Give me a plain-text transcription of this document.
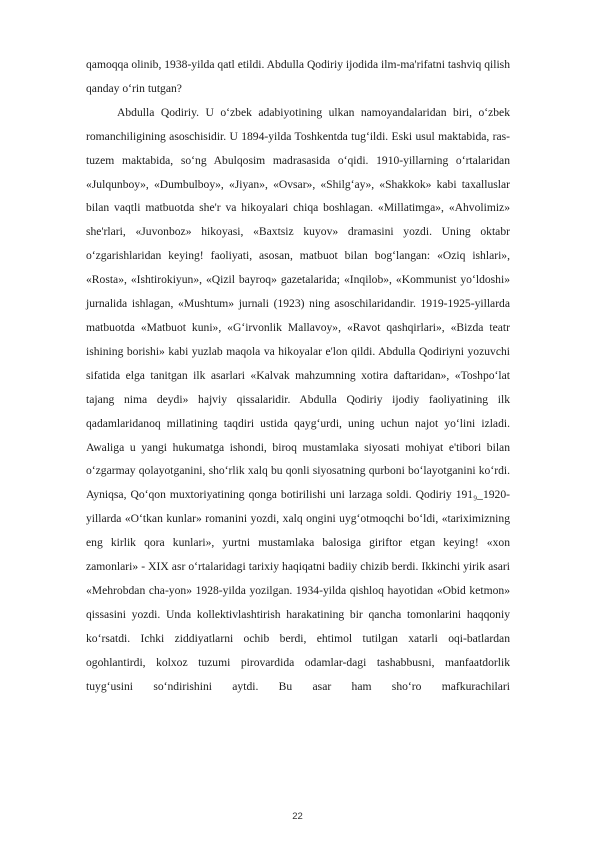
qamoqqa olinib, 1938-yilda qatl etildi. Abdulla Qodiriy ijodida ilm-ma'rifatni tashviq qilish qanday o‘rin tutgan?

Abdulla Qodiriy. U o‘zbek adabiyotining ulkan namoyandalaridan biri, o‘zbek romanchiligining asoschisidir. U 1894-yilda Toshkentda tug‘ildi. Eski usul maktabida, ras-tuzem maktabida, so‘ng Abulqosim madrasasida o‘qidi. 1910-yillarning o‘rtalaridan «Julqunboy», «Dumbulboy», «Jiyan», «Ovsar», «Shilg‘ay», «Shakkok» kabi taxalluslar bilan vaqtli matbuotda she'r va hikoyalari chiqa boshlagan. «Millatimga», «Ahvolimiz» she'rlari, «Juvonboz» hikoyasi, «Baxtsiz kuyov» dramasini yozdi. Uning oktabr o‘zgarishlaridan keying! faoliyati, asosan, matbuot bilan bog‘langan: «Oziq ishlari», «Rosta», «Ishtirokiyun», «Qizil bayroq» gazetalarida; «Inqilob», «Kommunist yo‘ldoshi» jurnalida ishlagan, «Mushtum» jurnali (1923) ning asoschilaridandir. 1919-1925-yillarda matbuotda «Matbuot kuni», «G‘irvonlik Mallavoy», «Ravot qashqirlari», «Bizda teatr ishining borishi» kabi yuzlab maqola va hikoyalar e'lon qildi. Abdulla Qodiriyni yozuvchi sifatida elga tanitgan ilk asarlari «Kalvak mahzumning xotira daftaridan», «Toshpo‘lat tajang nima deydi» hajviy qissalaridir. Abdulla Qodiriy ijodiy faoliyatining ilk qadamlaridanoq millatining taqdiri ustida qayg‘urdi, uning uchun najot yo‘lini izladi. Awaliga u yangi hukumatga ishondi, biroq mustamlaka siyosati mohiyat e'tibori bilan o‘zgarmay qolayotganini, sho‘rlik xalq bu qonli siyosatning qurboni bo‘layotganini ko‘rdi. Ayniqsa, Qo‘qon muxtoriyatining qonga botirilishi uni larzaga soldi. Qodiriy 191₉_1920-yillarda «O‘tkan kunlar» romanini yozdi, xalq ongini uyg‘otmoqchi bo‘ldi, «tariximizning eng kirlik qora kunlari», yurtni mustamlaka balosiga giriftor etgan keying! «xon zamonlari» - XIX asr o‘rtalaridagi tarixiy haqiqatni badiiy chizib berdi. Ikkinchi yirik asari «Mehrobdan cha-yon» 1928-yilda yozilgan. 1934-yilda qishloq hayotidan «Obid ketmon» qissasini yozdi. Unda kollektivlashtirish harakatining bir qancha tomonlarini haqqoniy ko‘rsatdi. Ichki ziddiyatlarni ochib berdi, ehtimol tutilgan xatarli oqi-batlardan ogohlantirdi, kolxoz tuzumi pirovardida odamlar-dagi tashabbusni, manfaatdorlik tuyg‘usini so‘ndirishini aytdi. Bu asar ham sho‘ro mafkurachilari

22
